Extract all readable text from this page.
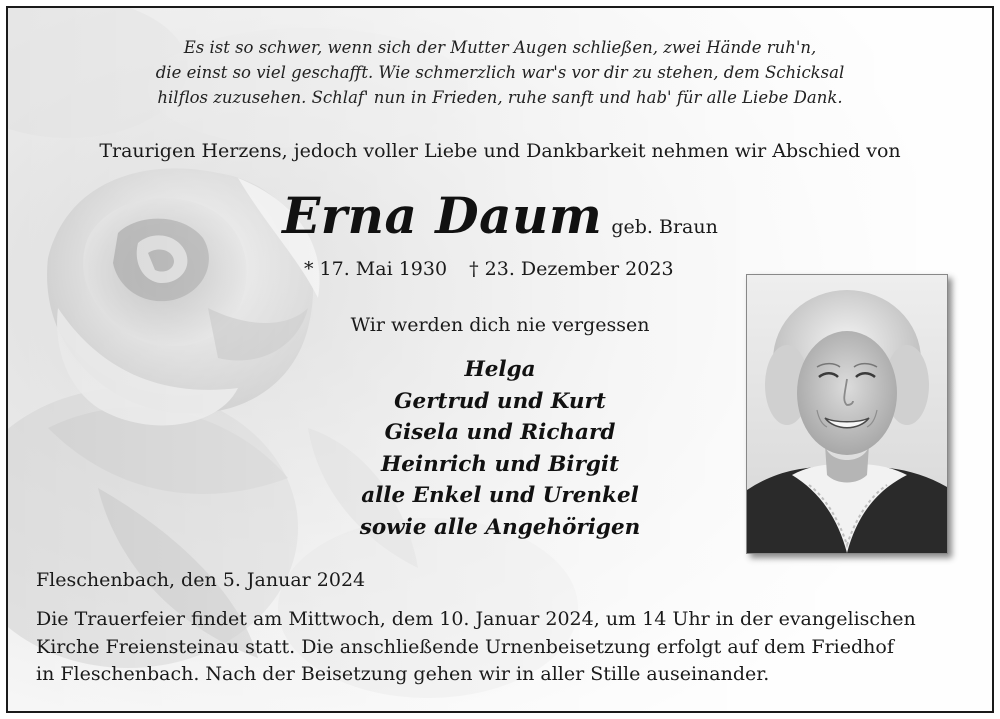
Es ist so schwer, wenn sich der Mutter Augen schließen, zwei Hände ruh'n,
die einst so viel geschafft. Wie schmerzlich war's vor dir zu stehen, dem Schicksal
hilflos zuzusehen. Schlaf' nun in Frieden, ruhe sanft und hab' für alle Liebe Dank.
Traurigen Herzens, jedoch voller Liebe und Dankbarkeit nehmen wir Abschied von
Erna Daum geb. Braun
* 17. Mai 1930 † 23. Dezember 2023
Wir werden dich nie vergessen
Helga
Gertrud und Kurt
Gisela und Richard
Heinrich und Birgit
alle Enkel und Urenkel
sowie alle Angehörigen
Fleschenbach, den 5. Januar 2024
Die Trauerfeier findet am Mittwoch, dem 10. Januar 2024, um 14 Uhr in der evangelischen
Kirche Freiensteinau statt. Die anschließende Urnenbeisetzung erfolgt auf dem Friedhof
in Fleschenbach. Nach der Beisetzung gehen wir in aller Stille auseinander.
